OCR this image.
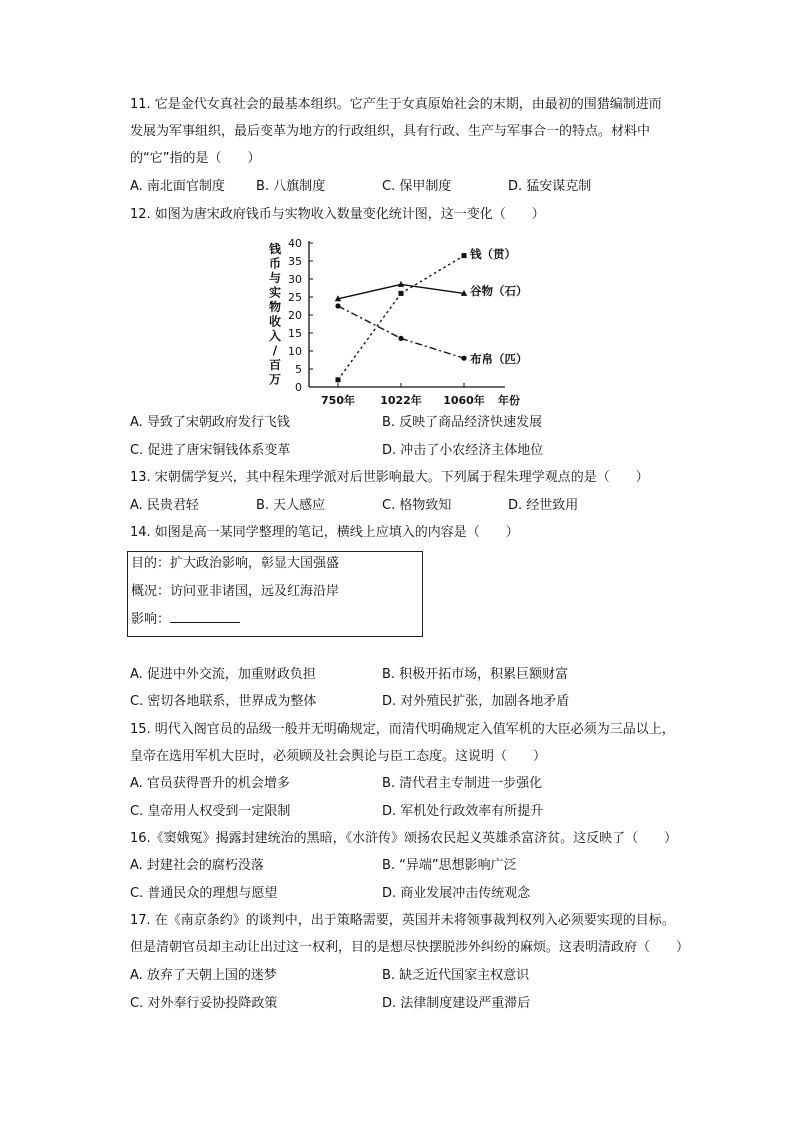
11. 它是金代女真社会的最基本组织。它产生于女真原始社会的末期，由最初的围猎编制进而
发展为军事组织，最后变革为地方的行政组织，具有行政、生产与军事合一的特点。材料中
的“它”指的是（　　）
A. 南北面官制度 B. 八旗制度	C. 保甲制度	D. 猛安谋克制
12. 如图为唐宋政府钱币与实物收入数量变化统计图，这一变化（　　）
钱
币
与
实
物
收
入
/
百
万
0
5
10
15
20
25
30
35
40
750年 1022年 1060年 年份
钱（贯）
谷物（石）
布帛（匹）
A. 导致了宋朝政府发行飞钱	B. 反映了商品经济快速发展
C. 促进了唐宋铜钱体系变革	D. 冲击了小农经济主体地位
13. 宋朝儒学复兴，其中程朱理学派对后世影响最大。下列属于程朱理学观点的是（　　）
A. 民贵君轻	B. 天人感应	C. 格物致知	D. 经世致用
14. 如图是高一某同学整理的笔记，横线上应填入的内容是（　　）
目的：扩大政治影响，彰显大国强盛
概况：访问亚非诸国，远及红海沿岸
影响：
A. 促进中外交流，加重财政负担	B. 积极开拓市场，积累巨额财富
C. 密切各地联系，世界成为整体	D. 对外殖民扩张，加剧各地矛盾
15. 明代入阁官员的品级一般并无明确规定，而清代明确规定入值军机的大臣必须为三品以上，
皇帝在选用军机大臣时，必须顾及社会舆论与臣工态度。这说明（　　）
A. 官员获得晋升的机会增多	B. 清代君主专制进一步强化
C. 皇帝用人权受到一定限制	D. 军机处行政效率有所提升
16.《窦娥冤》揭露封建统治的黑暗，《水浒传》颂扬农民起义英雄杀富济贫。这反映了（　　）
A. 封建社会的腐朽没落	B. “异端”思想影响广泛
C. 普通民众的理想与愿望	D. 商业发展冲击传统观念
17. 在《南京条约》的谈判中，出于策略需要，英国并未将领事裁判权列入必须要实现的目标。
但是清朝官员却主动让出过这一权利，目的是想尽快摆脱涉外纠纷的麻烦。这表明清政府（　　）
A. 放弃了天朝上国的迷梦	B. 缺乏近代国家主权意识
C. 对外奉行妥协投降政策	D. 法律制度建设严重滞后
